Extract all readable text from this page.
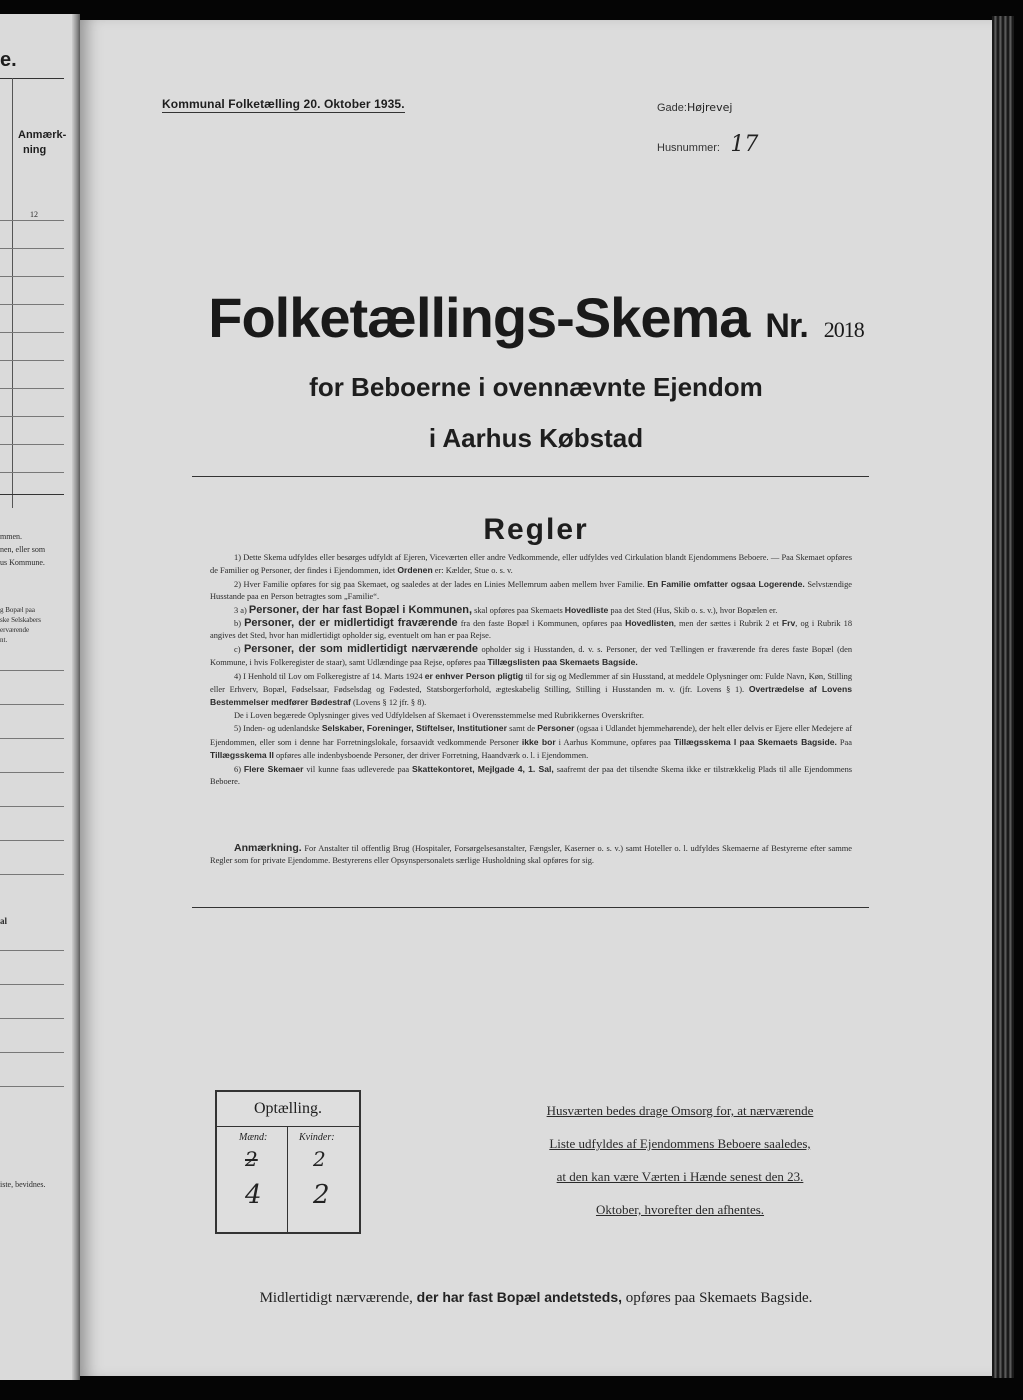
e.
Anmærk-
ning
12
mmen.
nen, eller som
us Kommune.
g Bopæl paa
ske Selskabers
erværende
nt.
al
iste, bevidnes.
Kommunal Folketælling 20. Oktober 1935.	Gade:Højrevej
Husnummer: 17
Folketællings-Skema Nr. 2018
for Beboerne i ovennævnte Ejendom
i Aarhus Købstad
Regler

1) Dette Skema udfyldes eller besørges udfyldt af Ejeren, Viceværten eller andre Vedkommende, eller udfyldes ved Cirkulation blandt Ejendommens Beboere. — Paa Skemaet opføres de Familier og Personer, der findes i Ejendommen, idet Ordenen er: Kælder, Stue o. s. v.

2) Hver Familie opføres for sig paa Skemaet, og saaledes at der lades en Linies Mellemrum aaben mellem hver Familie. En Familie omfatter ogsaa Logerende. Selvstændige Husstande paa en Person betragtes som „Familie“.

3 a) Personer, der har fast Bopæl i Kommunen, skal opføres paa Skemaets Hovedliste paa det Sted (Hus, Skib o. s. v.), hvor Bopælen er.

b) Personer, der er midlertidigt fraværende fra den faste Bopæl i Kommunen, opføres paa Hovedlisten, men der sættes i Rubrik 2 et Frv, og i Rubrik 18 angives det Sted, hvor han midlertidigt opholder sig, eventuelt om han er paa Rejse.

c) Personer, der som midlertidigt nærværende opholder sig i Husstanden, d. v. s. Personer, der ved Tællingen er fraværende fra deres faste Bopæl (den Kommune, i hvis Folkeregister de staar), samt Udlændinge paa Rejse, opføres paa Tillægslisten paa Skemaets Bagside.

4) I Henhold til Lov om Folkeregistre af 14. Marts 1924 er enhver Person pligtig til for sig og Medlemmer af sin Husstand, at meddele Oplysninger om: Fulde Navn, Køn, Stilling eller Erhverv, Bopæl, Fødselsaar, Fødselsdag og Fødested, Statsborgerforhold, ægteskabelig Stilling, Stilling i Husstanden m. v. (jfr. Lovens § 1). Overtrædelse af Lovens Bestemmelser medfører Bødestraf (Lovens § 12 jfr. § 8).

De i Loven begærede Oplysninger gives ved Udfyldelsen af Skemaet i Overensstemmelse med Rubrikkernes Overskrifter.

5) Inden- og udenlandske Selskaber, Foreninger, Stiftelser, Institutioner samt de Personer (ogsaa i Udlandet hjemmehørende), der helt eller delvis er Ejere eller Medejere af Ejendommen, eller som i denne har Forretningslokale, forsaavidt vedkommende Personer ikke bor i Aarhus Kommune, opføres paa Tillægsskema I paa Skemaets Bagside. Paa Tillægsskema II opføres alle indenbysboende Personer, der driver Forretning, Haandværk o. l. i Ejendommen.

6) Flere Skemaer vil kunne faas udleverede paa Skattekontoret, Mejlgade 4, 1. Sal, saafremt der paa det tilsendte Skema ikke er tilstrækkelig Plads til alle Ejendommens Beboere.

Anmærkning. For Anstalter til offentlig Brug (Hospitaler, Forsørgelsesanstalter, Fængsler, Kaserner o. s. v.) samt Hoteller o. l. udfyldes Skemaerne af Bestyrerne efter samme Regler som for private Ejendomme. Bestyrerens eller Opsynspersonalets særlige Husholdning skal opføres for sig.

Optælling.
Mænd:	Kvinder:
2	2
4 2
Husværten bedes drage Omsorg for, at nærværende
Liste udfyldes af Ejendommens Beboere saaledes,
at den kan være Værten i Hænde senest den 23.
Oktober, hvorefter den afhentes.
Midlertidigt nærværende, der har fast Bopæl andetsteds, opføres paa Skemaets Bagside.
